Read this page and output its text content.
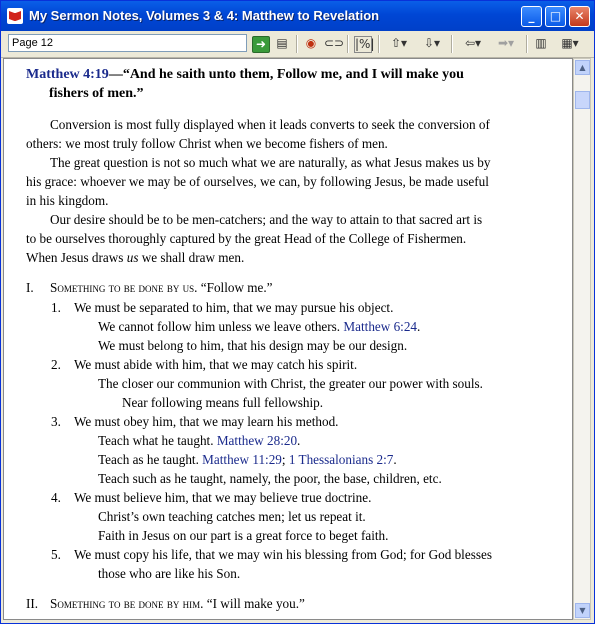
My Sermon Notes, Volumes 3 & 4: Matthew to Revelation	_	□	✕
Page 12
➜ ▤ ◉ ⊂⊃ |%|	⇧▾	⇩▾	⇦▾	➡▾	▥	▦▾
Matthew 4:19—“And he saith unto them, Follow me, and I will make you
fishers of men.”
Conversion is most fully displayed when it leads converts to seek the conversion of
others: we most truly follow Christ when we become fishers of men.
The great question is not so much what we are naturally, as what Jesus makes us by
his grace: whoever we may be of ourselves, we can, by following Jesus, be made useful
in his kingdom.
Our desire should be to be men-catchers; and the way to attain to that sacred art is
to be ourselves thoroughly captured by the great Head of the College of Fishermen.
When Jesus draws us we shall draw men.
I. Something to be done by us. “Follow me.”
1. We must be separated to him, that we may pursue his object.
We cannot follow him unless we leave others. Matthew 6:24.
We must belong to him, that his design may be our design.
2. We must abide with him, that we may catch his spirit.
The closer our communion with Christ, the greater our power with souls.
Near following means full fellowship.
3. We must obey him, that we may learn his method.
Teach what he taught. Matthew 28:20.
Teach as he taught. Matthew 11:29; 1 Thessalonians 2:7.
Teach such as he taught, namely, the poor, the base, children, etc.
4. We must believe him, that we may believe true doctrine.
Christ’s own teaching catches men; let us repeat it.
Faith in Jesus on our part is a great force to beget faith.
5. We must copy his life, that we may win his blessing from God; for God blesses
those who are like his Son.
II. Something to be done by him. “I will make you.”
▲
▼
